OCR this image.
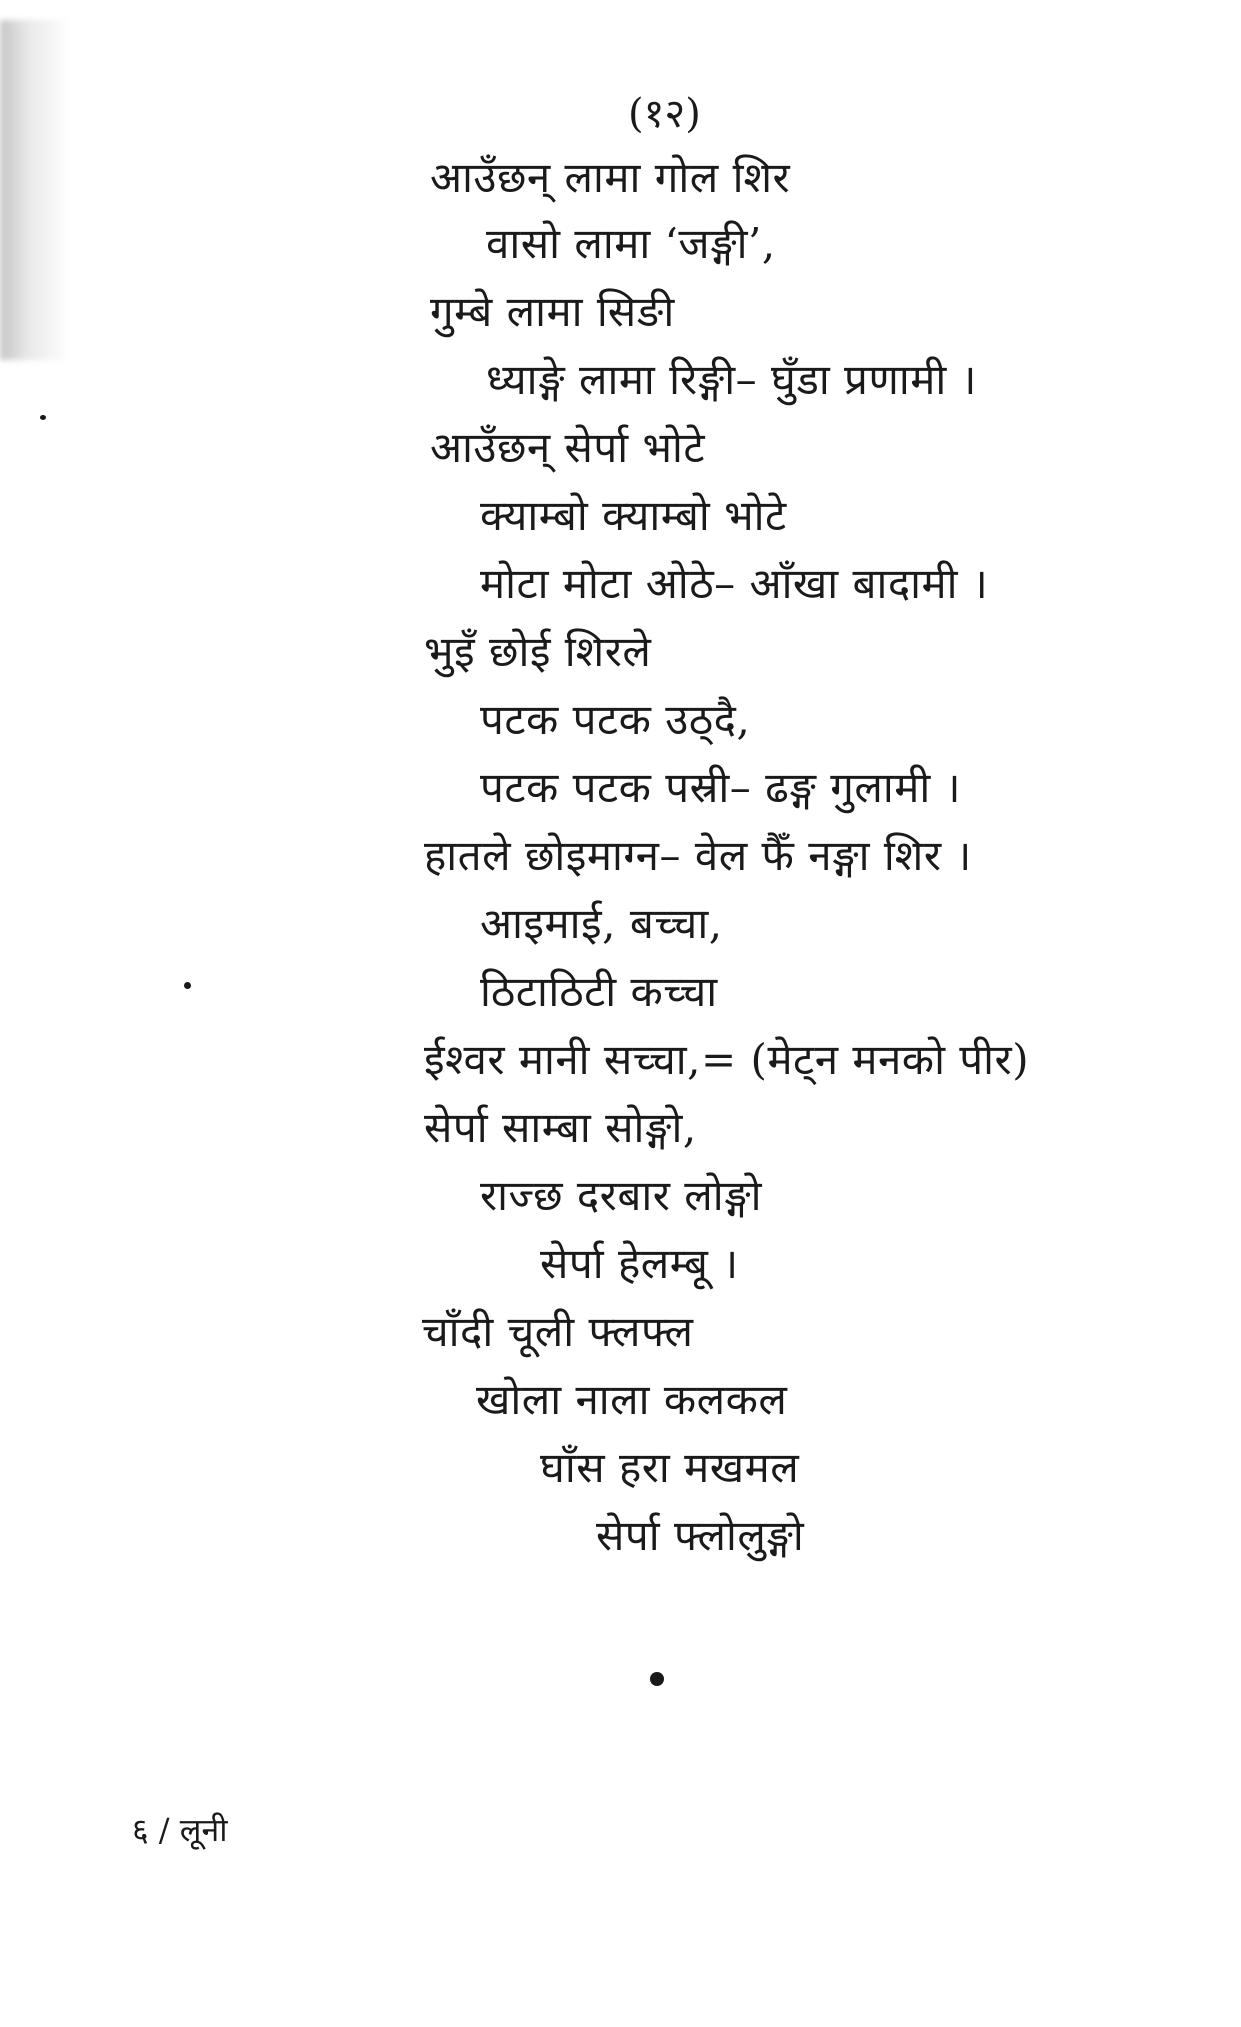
(१२)
आउँछन् लामा गोल शिर
वासो लामा ‘जङ्गी’,
गुम्बे लामा सिङी
ध्याङ्गे लामा रिङ्गी– घुँडा प्रणामी ।
आउँछन् सेर्पा भोटे
क्याम्बो क्याम्बो भोटे
मोटा मोटा ओठे– आँखा बादामी ।
भुइँ छोई शिरले
पटक पटक उठ्दै,
पटक पटक पस्री– ढङ्ग गुलामी ।
हातले छोइमाग्न– वेल फैँ नङ्गा शिर ।
आइमाई, बच्चा,
ठिटाठिटी कच्चा
ईश्वर मानी सच्चा,= (मेट्न मनको पीर)
सेर्पा साम्बा सोङ्गो,
राज्छ दरबार लोङ्गो
सेर्पा हेलम्बू ।
चाँदी चूली फ्लफ्ल
खोला नाला कलकल
घाँस हरा मखमल
सेर्पा फ्लोलुङ्गो
६ / लूनी
